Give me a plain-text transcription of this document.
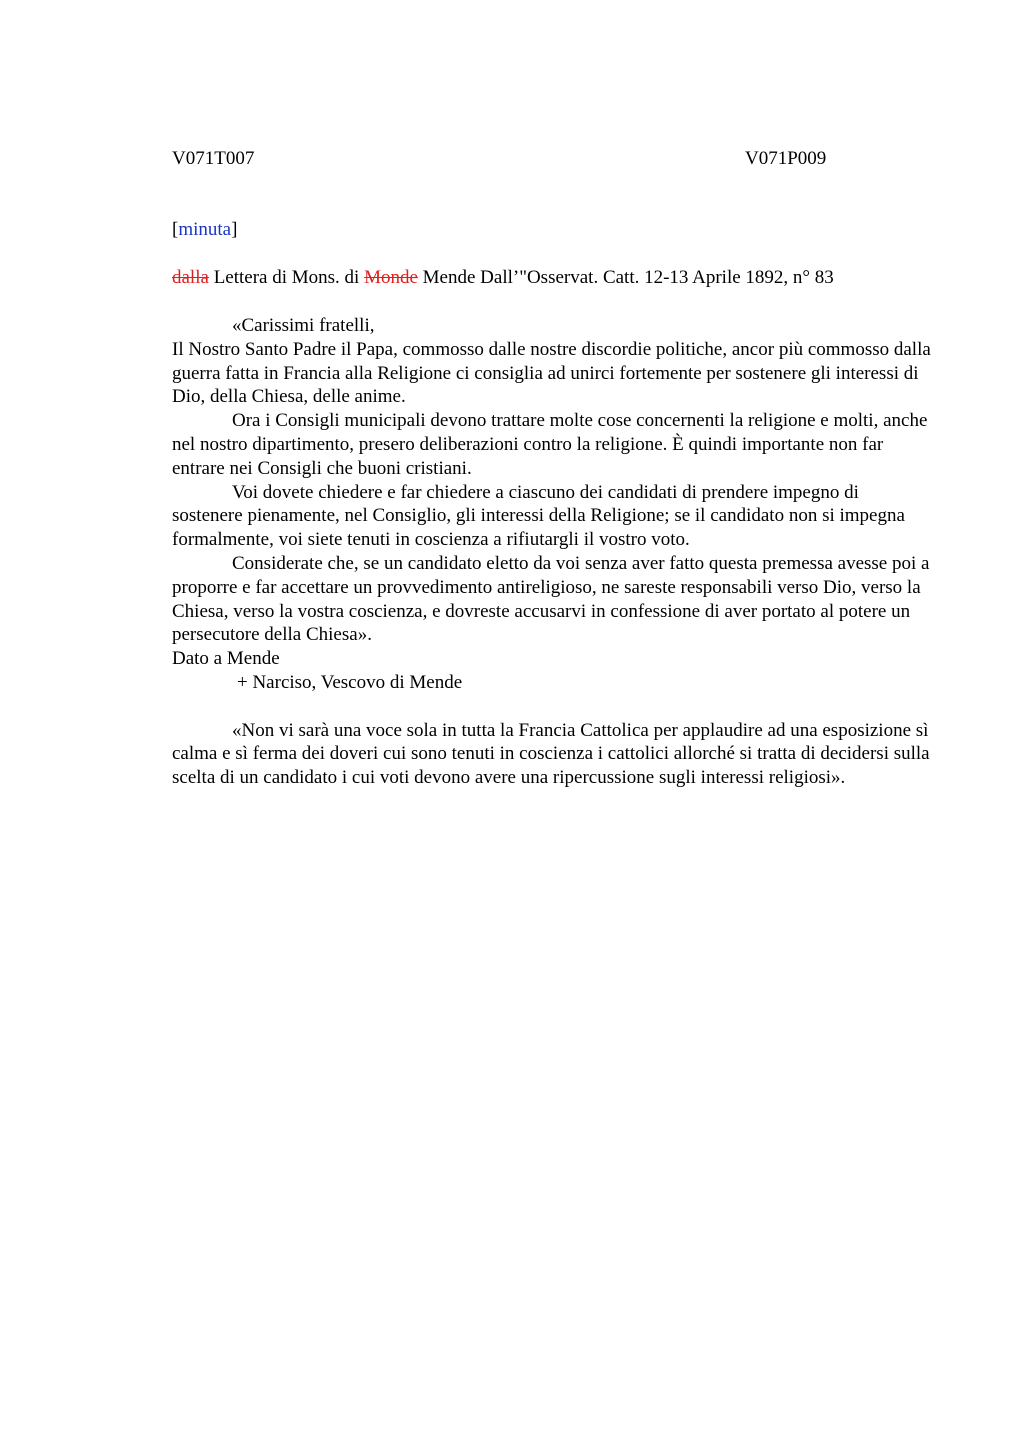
V071T007	V071P009
[minuta]
dalla Lettera di Mons. di Monde Mende Dall’"Osservat. Catt. 12-13 Aprile 1892, n° 83

«Carissimi fratelli,

Il Nostro Santo Padre il Papa, commosso dalle nostre discordie politiche, ancor più commosso dalla guerra fatta in Francia alla Religione ci consiglia ad unirci fortemente per sostenere gli interessi di Dio, della Chiesa, delle anime.

Ora i Consigli municipali devono trattare molte cose concernenti la religione e molti, anche nel nostro dipartimento, presero deliberazioni contro la religione. È quindi importante non far entrare nei Consigli che buoni cristiani.

Voi dovete chiedere e far chiedere a ciascuno dei candidati di prendere impegno di sostenere pienamente, nel Consiglio, gli interessi della Religione; se il candidato non si impegna formalmente, voi siete tenuti in coscienza a rifiutargli il vostro voto.

Considerate che, se un candidato eletto da voi senza aver fatto questa premessa avesse poi a proporre e far accettare un provvedimento antireligioso, ne sareste responsabili verso Dio, verso la Chiesa, verso la vostra coscienza, e dovreste accusarvi in confessione di aver portato al potere un persecutore della Chiesa».

Dato a Mende

+ Narciso, Vescovo di Mende

«Non vi sarà una voce sola in tutta la Francia Cattolica per applaudire ad una esposizione sì calma e sì ferma dei doveri cui sono tenuti in coscienza i cattolici allorché si tratta di decidersi sulla scelta di un candidato i cui voti devono avere una ripercussione sugli interessi religiosi».
